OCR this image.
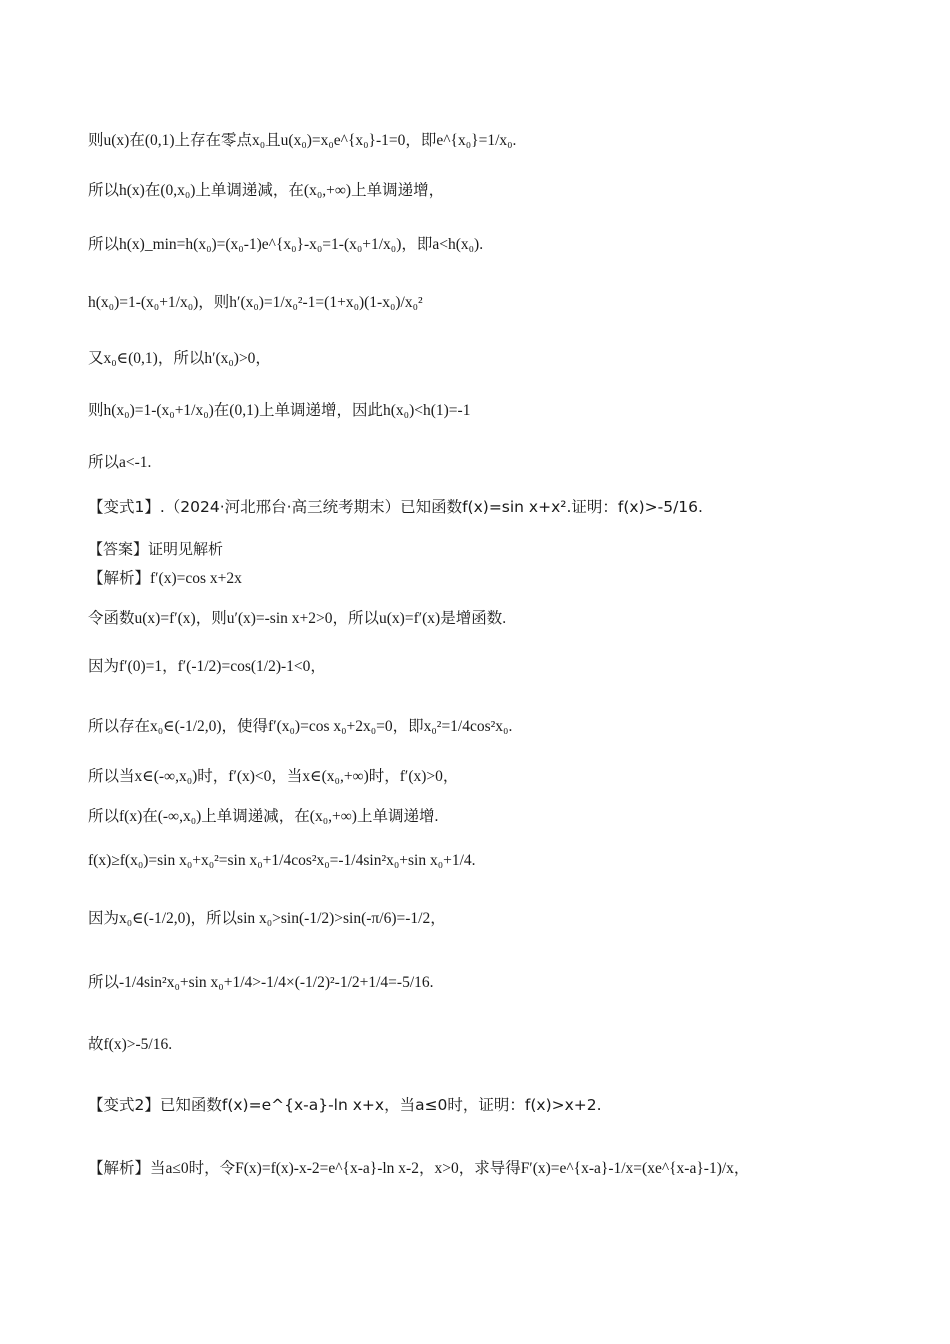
则u(x)在(0,1)上存在零点x₀且u(x₀)=x₀e^{x₀}-1=0，即e^{x₀}=1/x₀.
所以h(x)在(0,x₀)上单调递减，在(x₀,+∞)上单调递增，
所以h(x)_min=h(x₀)=(x₀-1)e^{x₀}-x₀=1-(x₀+1/x₀)，即a<h(x₀).
h(x₀)=1-(x₀+1/x₀)，则h′(x₀)=1/x₀²-1=(1+x₀)(1-x₀)/x₀²
又x₀∈(0,1)，所以h′(x₀)>0，
则h(x₀)=1-(x₀+1/x₀)在(0,1)上单调递增，因此h(x₀)<h(1)=-1
所以a<-1.
【变式1】.（2024·河北邢台·高三统考期末）已知函数f(x)=sin x+x².证明：f(x)>-5/16.
【答案】证明见解析
【解析】f′(x)=cos x+2x
令函数u(x)=f′(x)，则u′(x)=-sin x+2>0，所以u(x)=f′(x)是增函数.
因为f′(0)=1，f′(-1/2)=cos(1/2)-1<0，
所以存在x₀∈(-1/2,0)，使得f′(x₀)=cos x₀+2x₀=0，即x₀²=1/4cos²x₀.
所以当x∈(-∞,x₀)时，f′(x)<0，当x∈(x₀,+∞)时，f′(x)>0，
所以f(x)在(-∞,x₀)上单调递减，在(x₀,+∞)上单调递增.
f(x)≥f(x₀)=sin x₀+x₀²=sin x₀+1/4cos²x₀=-1/4sin²x₀+sin x₀+1/4.
因为x₀∈(-1/2,0)，所以sin x₀>sin(-1/2)>sin(-π/6)=-1/2，
所以-1/4sin²x₀+sin x₀+1/4>-1/4×(-1/2)²-1/2+1/4=-5/16.
故f(x)>-5/16.
【变式2】已知函数f(x)=e^{x-a}-ln x+x，当a≤0时，证明：f(x)>x+2.
【解析】当a≤0时，令F(x)=f(x)-x-2=e^{x-a}-ln x-2，x>0，求导得F′(x)=e^{x-a}-1/x=(xe^{x-a}-1)/x，
